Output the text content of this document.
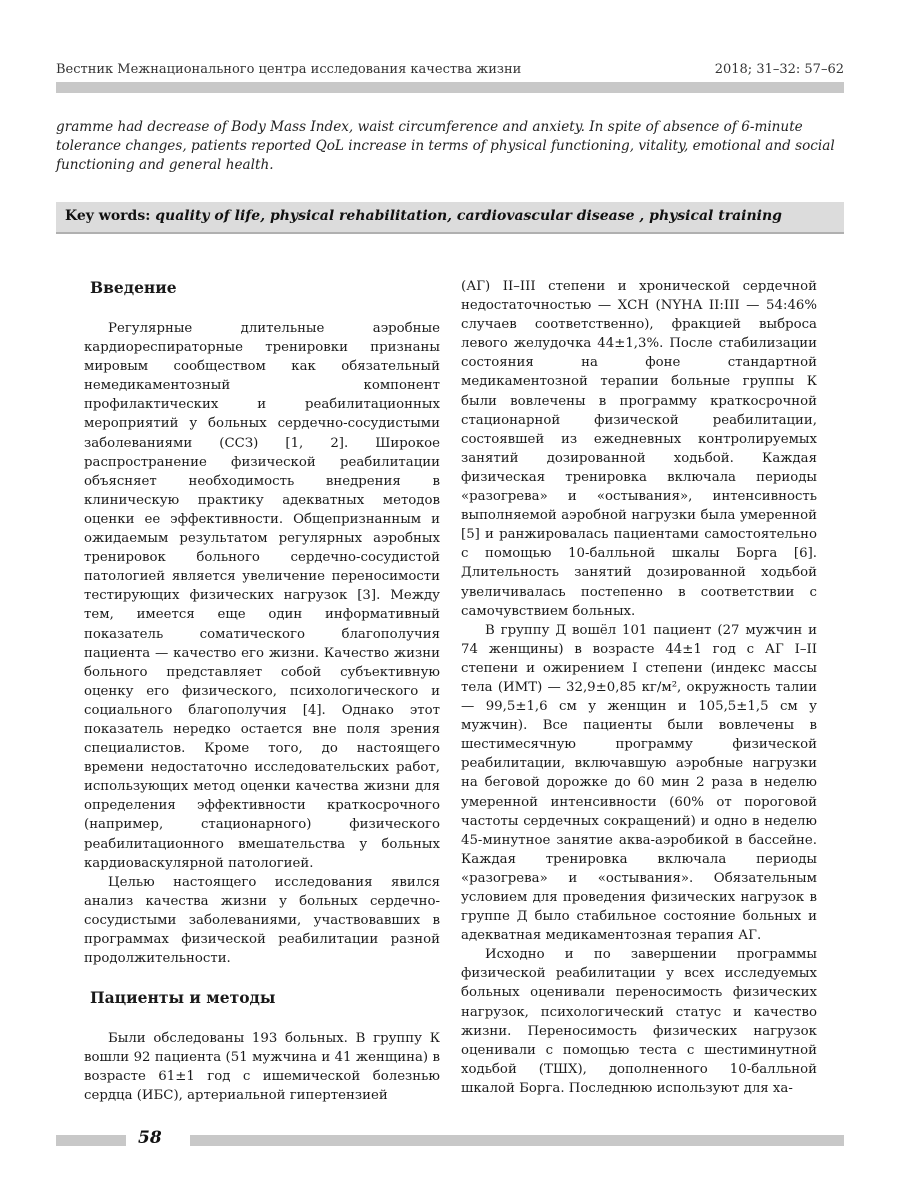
Вестник Межнационального центра исследования качества жизни	2018; 31–32: 57–62
gramme had decrease of Body Mass Index, waist circumference and anxiety. In spite of absence of 6-minute tolerance changes, patients reported QoL increase in terms of physical functioning, vitality, emotional and social functioning and general health.
Key words: quality of life, physical rehabilitation, cardiovascular disease , physical training
Введение

Регулярные длительные аэробные кардиореспираторные тренировки признаны мировым сообществом как обязательный немедикаментозный компонент профилактических и реабилитационных мероприятий у больных сердечно-сосудистыми заболеваниями (ССЗ) [1, 2]. Широкое распространение физической реабилитации объясняет необходимость внедрения в клиническую практику адекватных методов оценки ее эффективности. Общепризнанным и ожидаемым результатом регулярных аэробных тренировок больного сердечно-сосудистой патологией является увеличение переносимости тестирующих физических нагрузок [3]. Между тем, имеется еще один информативный показатель соматического благополучия пациента — качество его жизни. Качество жизни больного представляет собой субъективную оценку его физического, психологического и социального благополучия [4]. Однако этот показатель нередко остается вне поля зрения специалистов. Кроме того, до настоящего времени недостаточно исследовательских работ, использующих метод оценки качества жизни для определения эффективности краткосрочного (например, стационарного) физического реабилитационного вмешательства у больных кардиоваскулярной патологией.

Целью настоящего исследования явился анализ качества жизни у больных сердечно-сосудистыми заболеваниями, участвовавших в программах физической реабилитации разной продолжительности.

Пациенты и методы

Были обследованы 193 больных. В группу К вошли 92 пациента (51 мужчина и 41 женщина) в возрасте 61±1 год с ишемической болезнью сердца (ИБС), артериальной гипертензией

(АГ) II–III степени и хронической сердечной недостаточностью — ХСН (NYHA II:III — 54:46% случаев соответственно), фракцией выброса левого желудочка 44±1,3%. После стабилизации состояния на фоне стандартной медикаментозной терапии больные группы К были вовлечены в программу краткосрочной стационарной физической реабилитации, состоявшей из ежедневных контролируемых занятий дозированной ходьбой. Каждая физическая тренировка включала периоды «разогрева» и «остывания», интенсивность выполняемой аэробной нагрузки была умеренной [5] и ранжировалась пациентами самостоятельно с помощью 10-балльной шкалы Борга [6]. Длительность занятий дозированной ходьбой увеличивалась постепенно в соответствии с самочувствием больных.

В группу Д вошёл 101 пациент (27 мужчин и 74 женщины) в возрасте 44±1 год с АГ I–II степени и ожирением I степени (индекс массы тела (ИМТ) — 32,9±0,85 кг/м², окружность талии — 99,5±1,6 см у женщин и 105,5±1,5 см у мужчин). Все пациенты были вовлечены в шестимесячную программу физической реабилитации, включавшую аэробные нагрузки на беговой дорожке до 60 мин 2 раза в неделю умеренной интенсивности (60% от пороговой частоты сердечных сокращений) и одно в неделю 45-минутное занятие аква-аэробикой в бассейне. Каждая тренировка включала периоды «разогрева» и «остывания». Обязательным условием для проведения физических нагрузок в группе Д было стабильное состояние больных и адекватная медикаментозная терапия АГ.

Исходно и по завершении программы физической реабилитации у всех исследуемых больных оценивали переносимость физических нагрузок, психологический статус и качество жизни. Переносимость физических нагрузок оценивали с помощью теста с шестиминутной ходьбой (ТШХ), дополненного 10-балльной шкалой Борга. Последнюю используют для ха-

58
